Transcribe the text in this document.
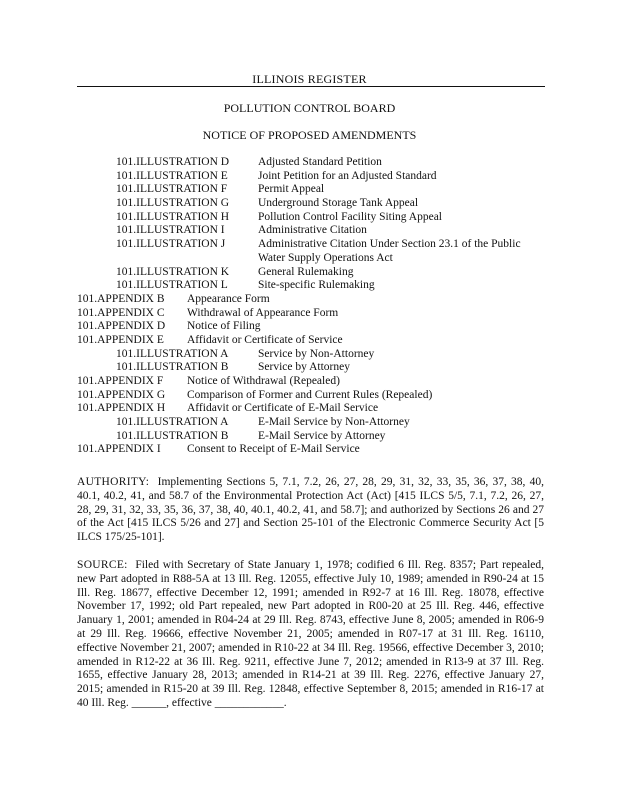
ILLINOIS REGISTER
POLLUTION CONTROL BOARD
NOTICE OF PROPOSED AMENDMENTS
101.ILLUSTRATION D	Adjusted Standard Petition
101.ILLUSTRATION E	Joint Petition for an Adjusted Standard
101.ILLUSTRATION F	Permit Appeal
101.ILLUSTRATION G	Underground Storage Tank Appeal
101.ILLUSTRATION H	Pollution Control Facility Siting Appeal
101.ILLUSTRATION I	Administrative Citation
101.ILLUSTRATION J	Administrative Citation Under Section 23.1 of the Public Water Supply Operations Act
101.ILLUSTRATION K	General Rulemaking
101.ILLUSTRATION L	Site-specific Rulemaking
101.APPENDIX B Appearance Form
101.APPENDIX C Withdrawal of Appearance Form
101.APPENDIX D Notice of Filing
101.APPENDIX E Affidavit or Certificate of Service
101.ILLUSTRATION A	Service by Non-Attorney
101.ILLUSTRATION B	Service by Attorney
101.APPENDIX F Notice of Withdrawal (Repealed)
101.APPENDIX G Comparison of Former and Current Rules (Repealed)
101.APPENDIX H Affidavit or Certificate of E-Mail Service
101.ILLUSTRATION A	E-Mail Service by Non-Attorney
101.ILLUSTRATION B	E-Mail Service by Attorney
101.APPENDIX I Consent to Receipt of E-Mail Service
AUTHORITY: Implementing Sections 5, 7.1, 7.2, 26, 27, 28, 29, 31, 32, 33, 35, 36, 37, 38, 40, 40.1, 40.2, 41, and 58.7 of the Environmental Protection Act (Act) [415 ILCS 5/5, 7.1, 7.2, 26, 27, 28, 29, 31, 32, 33, 35, 36, 37, 38, 40, 40.1, 40.2, 41, and 58.7]; and authorized by Sections 26 and 27 of the Act [415 ILCS 5/26 and 27] and Section 25-101 of the Electronic Commerce Security Act [5 ILCS 175/25-101].
SOURCE: Filed with Secretary of State January 1, 1978; codified 6 Ill. Reg. 8357; Part repealed, new Part adopted in R88-5A at 13 Ill. Reg. 12055, effective July 10, 1989; amended in R90-24 at 15 Ill. Reg. 18677, effective December 12, 1991; amended in R92-7 at 16 Ill. Reg. 18078, effective November 17, 1992; old Part repealed, new Part adopted in R00-20 at 25 Ill. Reg. 446, effective January 1, 2001; amended in R04-24 at 29 Ill. Reg. 8743, effective June 8, 2005; amended in R06-9 at 29 Ill. Reg. 19666, effective November 21, 2005; amended in R07-17 at 31 Ill. Reg. 16110, effective November 21, 2007; amended in R10-22 at 34 Ill. Reg. 19566, effective December 3, 2010; amended in R12-22 at 36 Ill. Reg. 9211, effective June 7, 2012; amended in R13-9 at 37 Ill. Reg. 1655, effective January 28, 2013; amended in R14-21 at 39 Ill. Reg. 2276, effective January 27, 2015; amended in R15-20 at 39 Ill. Reg. 12848, effective September 8, 2015; amended in R16-17 at 40 Ill. Reg. ______, effective ____________.
